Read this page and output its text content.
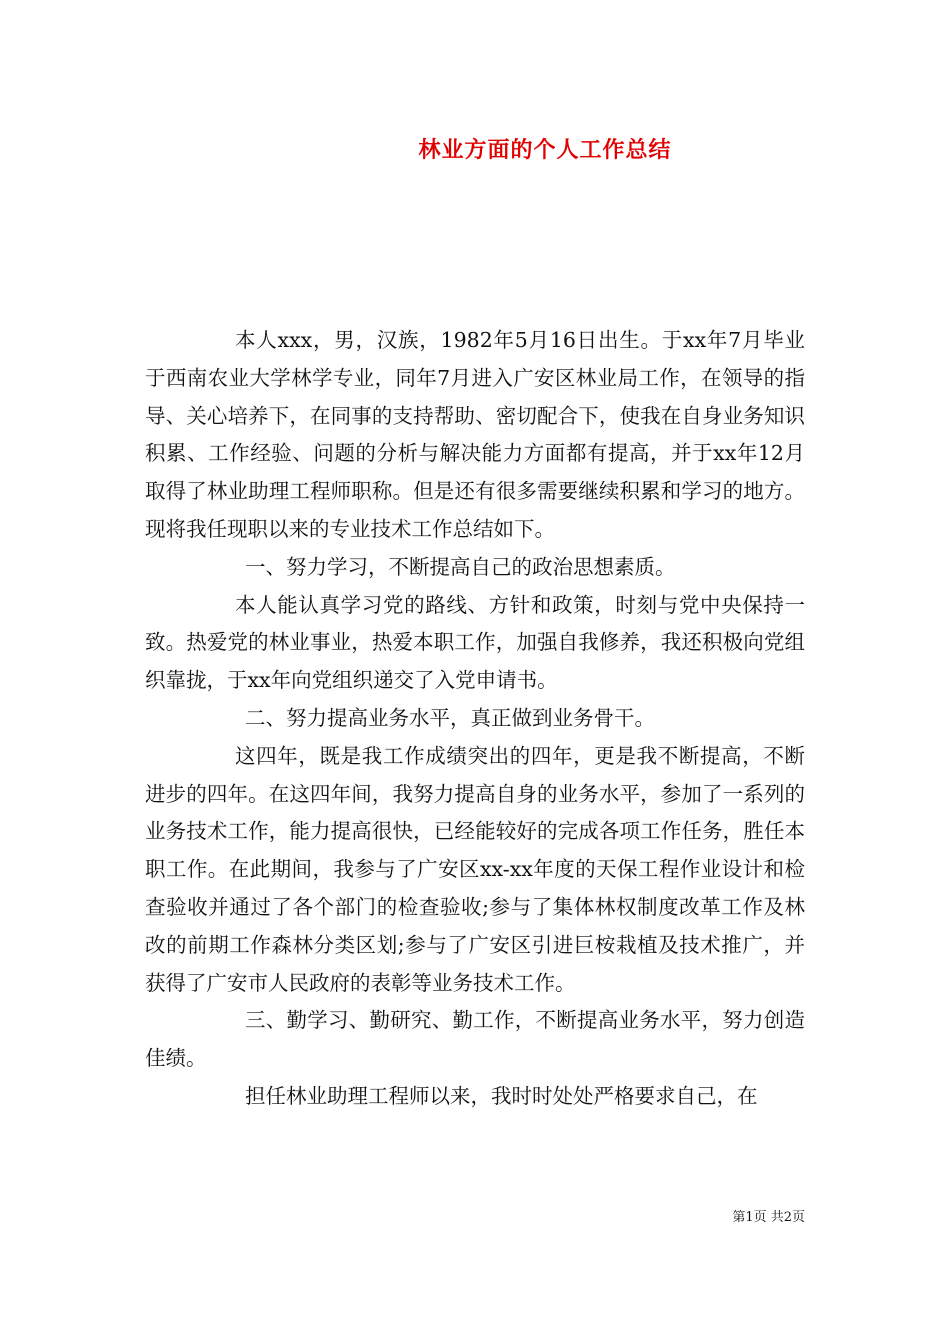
林业方面的个人工作总结

本人xxx，男，汉族，1982年5月16日出生。于xx年7月毕业于西南农业大学林学专业，同年7月进入广安区林业局工作，在领导的指导、关心培养下，在同事的支持帮助、密切配合下，使我在自身业务知识积累、工作经验、问题的分析与解决能力方面都有提高，并于xx年12月取得了林业助理工程师职称。但是还有很多需要继续积累和学习的地方。现将我任现职以来的专业技术工作总结如下。

一、努力学习，不断提高自己的政治思想素质。

本人能认真学习党的路线、方针和政策，时刻与党中央保持一致。热爱党的林业事业，热爱本职工作，加强自我修养，我还积极向党组织靠拢，于xx年向党组织递交了入党申请书。

二、努力提高业务水平，真正做到业务骨干。

这四年，既是我工作成绩突出的四年，更是我不断提高，不断进步的四年。在这四年间，我努力提高自身的业务水平，参加了一系列的业务技术工作，能力提高很快，已经能较好的完成各项工作任务，胜任本职工作。在此期间，我参与了广安区xx-xx年度的天保工程作业设计和检查验收并通过了各个部门的检查验收;参与了集体林权制度改革工作及林改的前期工作森林分类区划;参与了广安区引进巨桉栽植及技术推广，并获得了广安市人民政府的表彰等业务技术工作。

三、勤学习、勤研究、勤工作，不断提高业务水平，努力创造佳绩。

担任林业助理工程师以来，我时时处处严格要求自己，在

第1页 共2页
